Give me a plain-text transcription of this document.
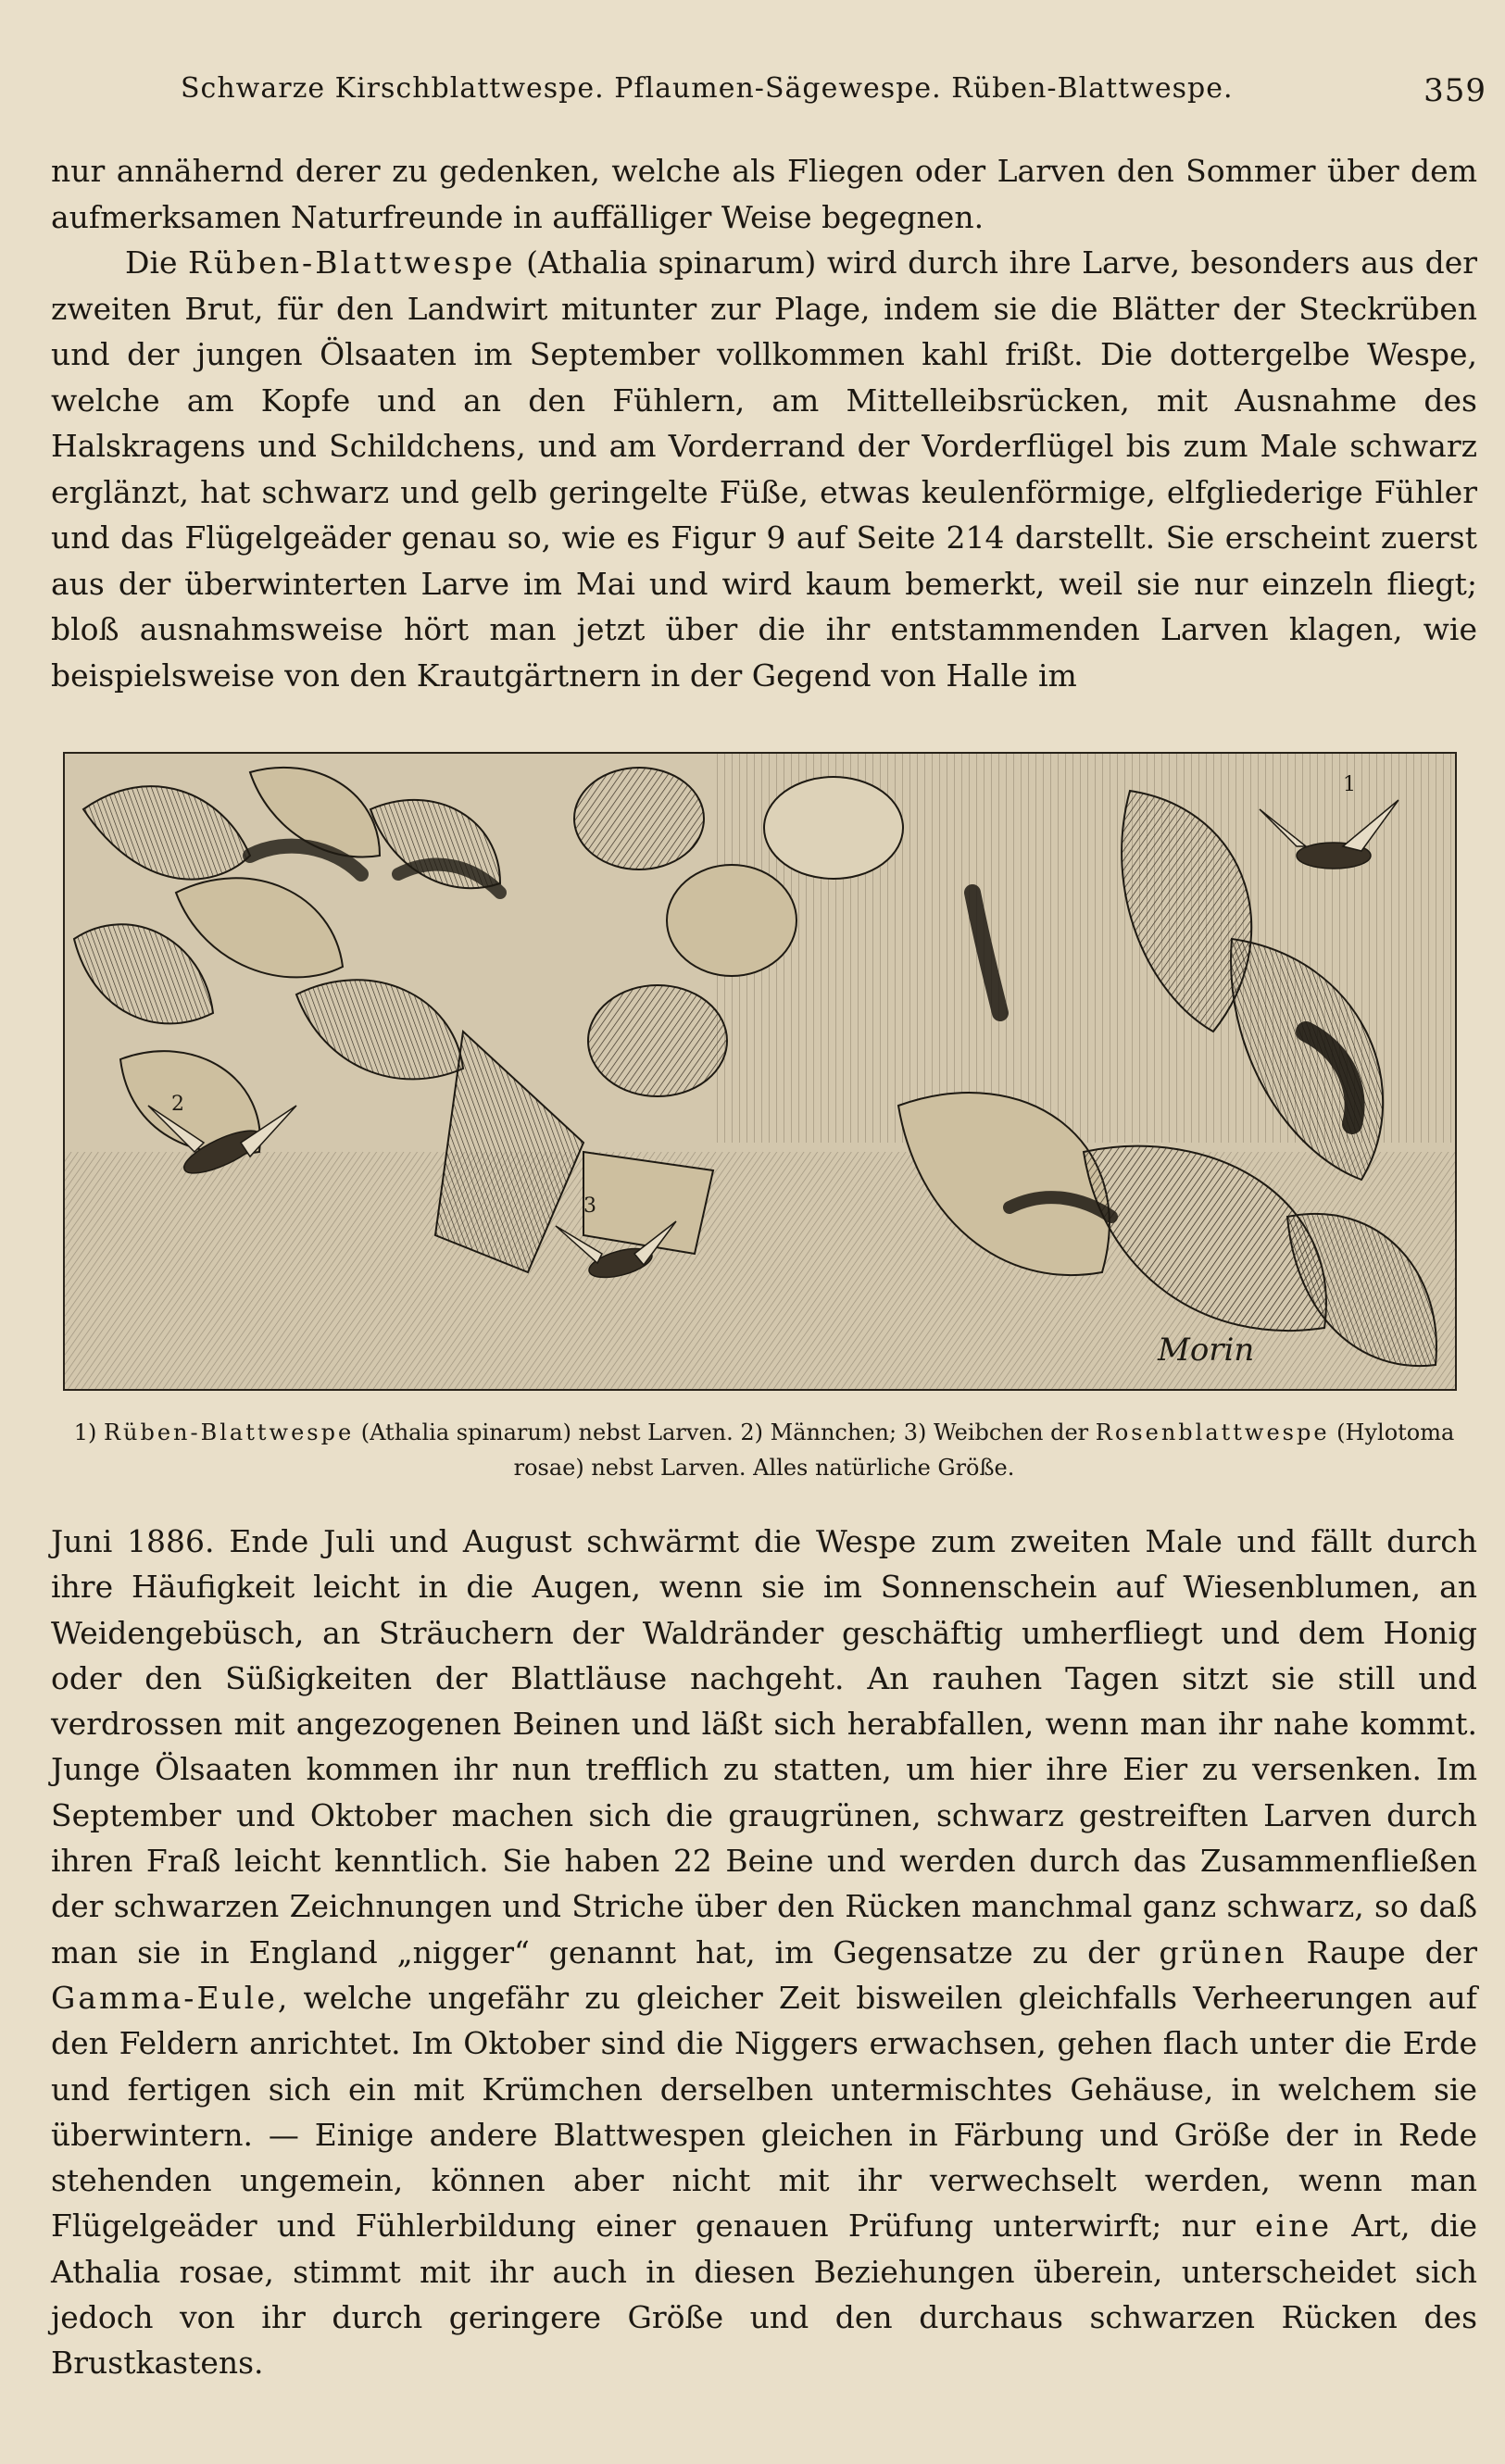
Schwarze Kirschblattwespe. Pflaumen-Sägewespe. Rüben-Blattwespe.	359

nur annähernd derer zu gedenken, welche als Fliegen oder Larven den Sommer über dem aufmerksamen Naturfreunde in auffälliger Weise begegnen.

Die Rüben-Blattwespe (Athalia spinarum) wird durch ihre Larve, besonders aus der zweiten Brut, für den Landwirt mitunter zur Plage, indem sie die Blätter der Steckrüben und der jungen Ölsaaten im September vollkommen kahl frißt. Die dottergelbe Wespe, welche am Kopfe und an den Fühlern, am Mittelleibsrücken, mit Ausnahme des Halskragens und Schildchens, und am Vorderrand der Vorderflügel bis zum Male schwarz erglänzt, hat schwarz und gelb geringelte Füße, etwas keulenförmige, elfgliederige Fühler und das Flügelgeäder genau so, wie es Figur 9 auf Seite 214 darstellt. Sie erscheint zuerst aus der überwinterten Larve im Mai und wird kaum bemerkt, weil sie nur einzeln fliegt; bloß ausnahmsweise hört man jetzt über die ihr entstammenden Larven klagen, wie beispielsweise von den Krautgärtnern in der Gegend von Halle im

1
2
3
Morin
1) Rüben-Blattwespe (Athalia spinarum) nebst Larven. 2) Männchen; 3) Weibchen der Rosenblattwespe (Hylotoma rosae) nebst Larven. Alles natürliche Größe.

Juni 1886. Ende Juli und August schwärmt die Wespe zum zweiten Male und fällt durch ihre Häufigkeit leicht in die Augen, wenn sie im Sonnenschein auf Wiesenblumen, an Weidengebüsch, an Sträuchern der Waldränder geschäftig umherfliegt und dem Honig oder den Süßigkeiten der Blattläuse nachgeht. An rauhen Tagen sitzt sie still und verdrossen mit angezogenen Beinen und läßt sich herabfallen, wenn man ihr nahe kommt. Junge Ölsaaten kommen ihr nun trefflich zu statten, um hier ihre Eier zu versenken. Im September und Oktober machen sich die graugrünen, schwarz gestreiften Larven durch ihren Fraß leicht kenntlich. Sie haben 22 Beine und werden durch das Zusammenfließen der schwarzen Zeichnungen und Striche über den Rücken manchmal ganz schwarz, so daß man sie in England „nigger“ genannt hat, im Gegensatze zu der grünen Raupe der Gamma-Eule, welche ungefähr zu gleicher Zeit bisweilen gleichfalls Verheerungen auf den Feldern anrichtet. Im Oktober sind die Niggers erwachsen, gehen flach unter die Erde und fertigen sich ein mit Krümchen derselben untermischtes Gehäuse, in welchem sie überwintern. — Einige andere Blattwespen gleichen in Färbung und Größe der in Rede stehenden ungemein, können aber nicht mit ihr verwechselt werden, wenn man Flügelgeäder und Fühlerbildung einer genauen Prüfung unterwirft; nur eine Art, die Athalia rosae, stimmt mit ihr auch in diesen Beziehungen überein, unterscheidet sich jedoch von ihr durch geringere Größe und den durchaus schwarzen Rücken des Brustkastens.
